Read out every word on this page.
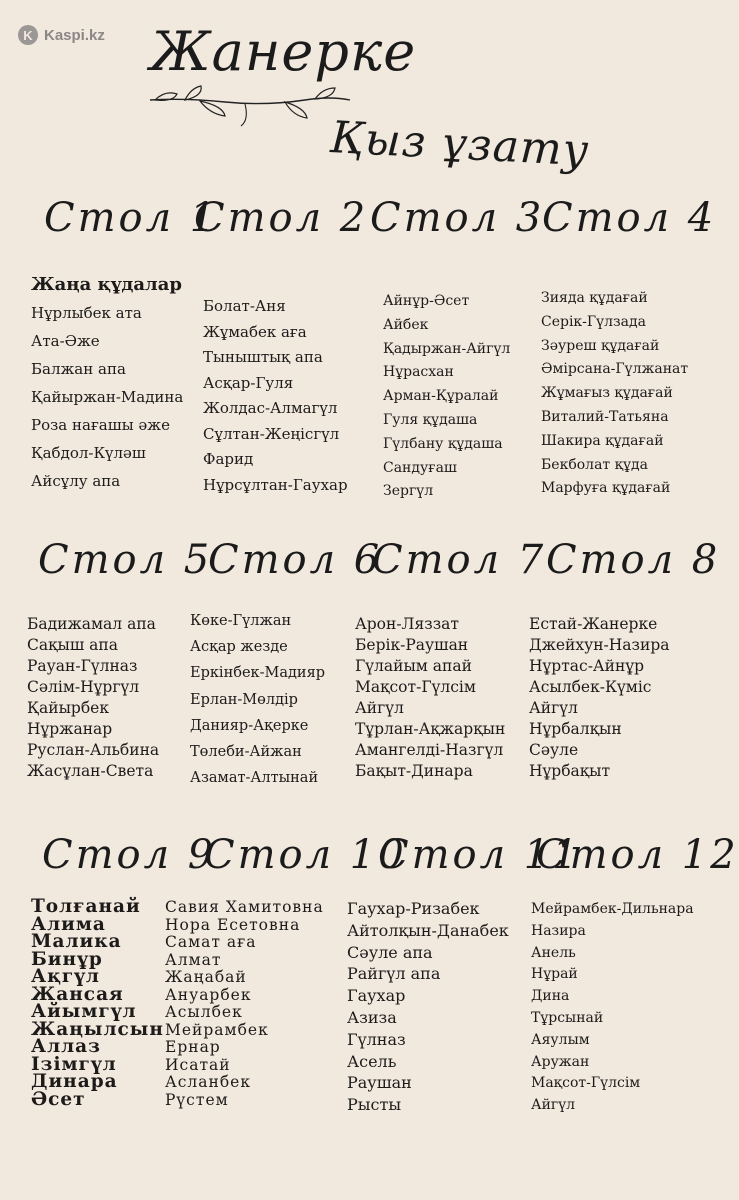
K Kaspi.kz Жанерке
Қыз ұзату
Стол 1
Стол 2 Стол 3
Стол 4
Жаңа құдалар
Нұрлыбек ата
Ата-Әже
Балжан апа
Қайыржан-Мадина
Роза нағашы әже
Қабдол-Күләш
Айсұлу апа
Болат-Аня
Жұмабек аға
Тыныштық апа
Асқар-Гуля
Жолдас-Алмагүл
Сұлтан-Жеңісгүл
Фарид
Нұрсұлтан-Гаухар
Айнұр-Әсет
Айбек
Қадыржан-Айгүл
Нұрасхан
Арман-Құралай
Гуля құдаша
Гүлбану құдаша
Сандуғаш
Зергүл
Зияда құдағай
Серік-Гүлзада
Зәуреш құдағай
Әмірсана-Гүлжанат
Жұмағыз құдағай
Виталий-Татьяна
Шакира құдағай
Бекболат құда
Марфуға құдағай
Стол 5
Стол 6
Стол 7 Стол 8
Бадижамал апа
Сақыш апа
Рауан-Гүлназ
Сәлім-Нұргүл
Қайырбек
Нұржанар
Руслан-Альбина
Жасұлан-Света
Көке-Гүлжан
Асқар жезде
Еркінбек-Мадияр
Ерлан-Мөлдір
Данияр-Ақерке
Төлеби-Айжан
Азамат-Алтынай
Арон-Ляззат
Берік-Раушан
Гүлайым апай
Мақсот-Гүлсім
Айгүл
Тұрлан-Ақжарқын
Амангелді-Назгүл
Бақыт-Динара
Естай-Жанерке
Джейхун-Назира
Нұртас-Айнұр
Асылбек-Күміс
Айгүл
Нұрбалқын
Сәуле
Нұрбақыт
Стол 9
Стол 10
Стол 11
Стол 12
Толғанай
Алима
Малика
Бинұр
Ақгүл
Жансая
Айымгүл
Жаңылсын
Аллаз
Ізімгүл
Динара
Әсет
Савия Хамитовна
Нора Есетовна
Самат аға
Алмат
Жаңабай
Ануарбек
Асылбек
Мейрамбек
Ернар
Исатай
Асланбек
Рүстем
Гаухар-Ризабек
Айтолқын-Данабек
Сәуле апа
Райгүл апа
Гаухар
Азиза
Гүлназ
Асель
Раушан
Рысты
Мейрамбек-Дильнара
Назира
Анель
Нұрай
Дина
Тұрсынай
Аяулым
Аружан
Мақсот-Гүлсім
Айгүл
